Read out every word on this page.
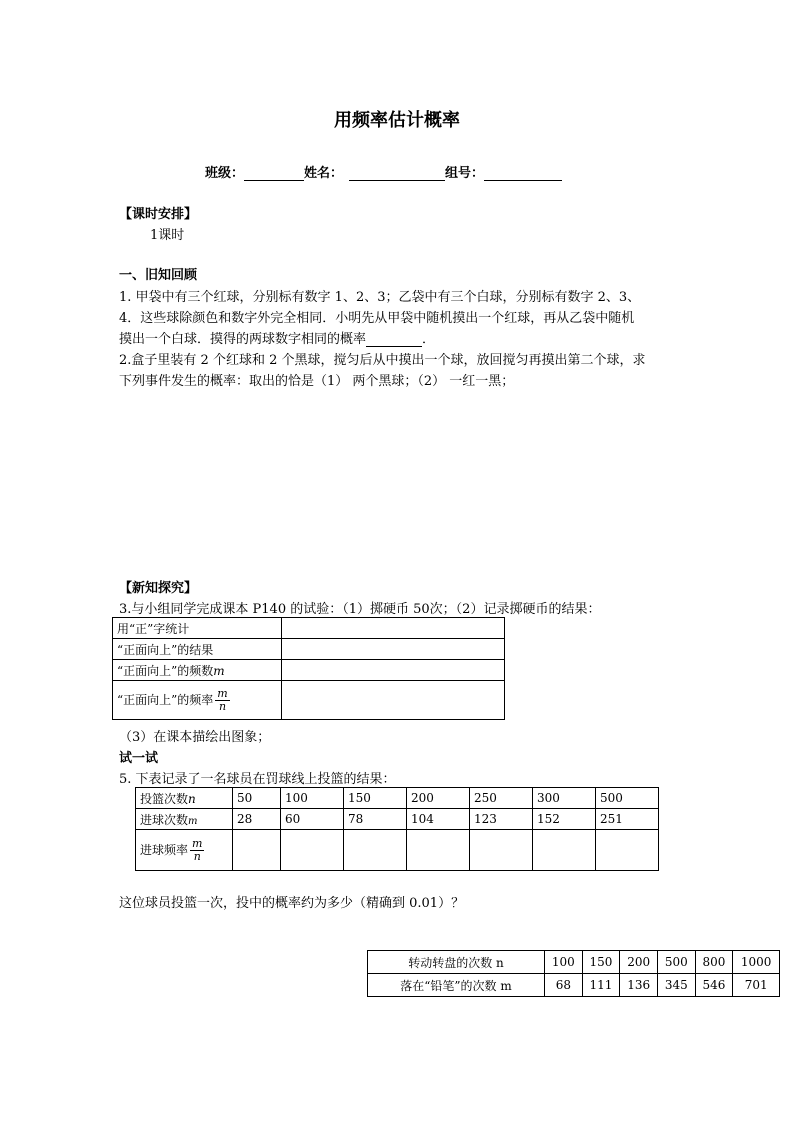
用频率估计概率
班级：	姓名：	组号：
【课时安排】
1课时
一、旧知回顾
1. 甲袋中有三个红球，分别标有数字 1、2、3；乙袋中有三个白球，分别标有数字 2、3、
4．这些球除颜色和数字外完全相同．小明先从甲袋中随机摸出一个红球，再从乙袋中随机
摸出一个白球．摸得的两球数字相同的概率	．
2.盒子里装有 2 个红球和 2 个黑球，搅匀后从中摸出一个球，放回搅匀再摸出第二个球，求
下列事件发生的概率：取出的恰是（1） 两个黑球；（2） 一红一黑；
【新知探究】
3.与小组同学完成课本 P140 的试验：（1）掷硬币 50次；（2）记录掷硬币的结果：
用“正”字统计	
“正面向上”的结果	
“正面向上”的频数m	
“正面向上”的频率 $\frac{m}{n}$

（3）在课本描绘出图象；
试一试
5. 下表记录了一名球员在罚球线上投篮的结果：
投篮次数n	50	100	150	200	250	300	500
进球次数m	28	60	78	104	123	152	251
进球频率 $\frac{m}{n}$

这位球员投篮一次，投中的概率约为多少（精确到 0.01）？
转动转盘的次数 n	100	150	200	500	800	1000
落在“铅笔”的次数 m	68	111	136	345	546	701
